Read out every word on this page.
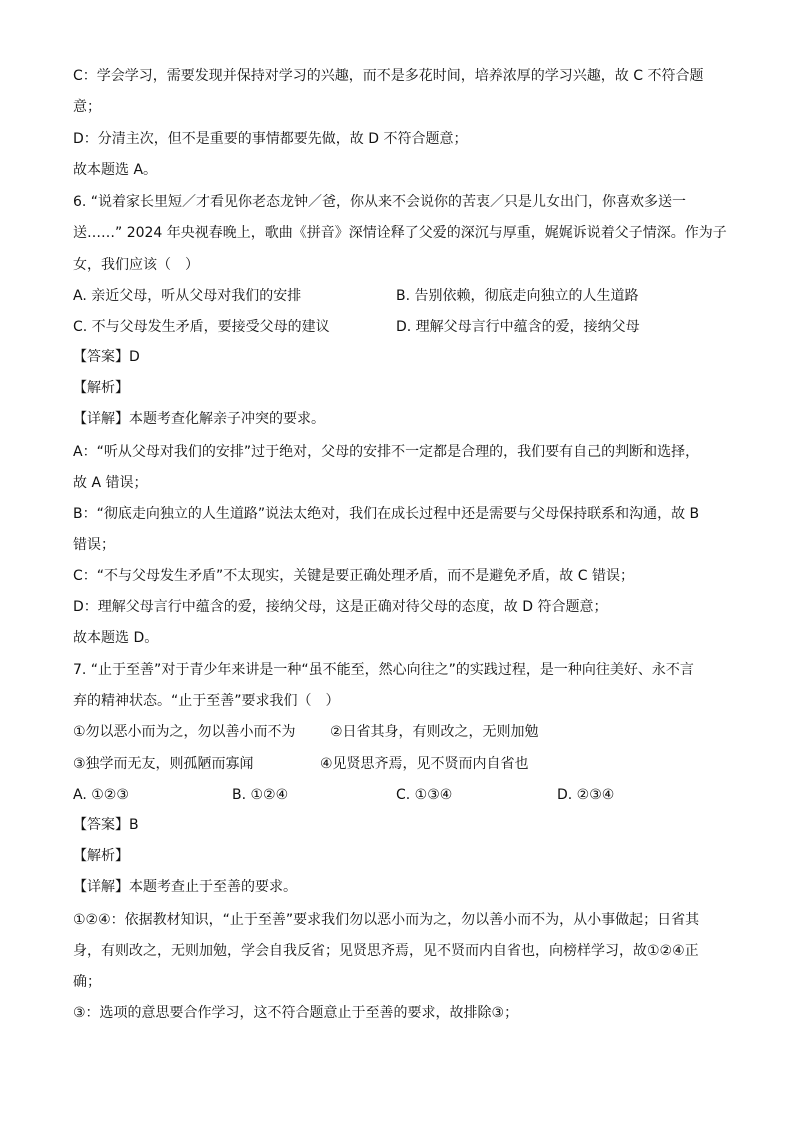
C：学会学习，需要发现并保持对学习的兴趣，而不是多花时间，培养浓厚的学习兴趣，故 C 不符合题
意；
D：分清主次，但不是重要的事情都要先做，故 D 不符合题意；
故本题选 A。
6. “说着家长里短／才看见你老态龙钟／爸，你从来不会说你的苦衷／只是儿女出门，你喜欢多送一
送……” 2024 年央视春晚上，歌曲《拼音》深情诠释了父爱的深沉与厚重，娓娓诉说着父子情深。作为子
女，我们应该（　）
A. 亲近父母，听从父母对我们的安排	B. 告别依赖，彻底走向独立的人生道路
C. 不与父母发生矛盾，要接受父母的建议	D. 理解父母言行中蕴含的爱，接纳父母
【答案】D
【解析】
【详解】本题考查化解亲子冲突的要求。
A：“听从父母对我们的安排”过于绝对，父母的安排不一定都是合理的，我们要有自己的判断和选择，
故 A 错误；
B：“彻底走向独立的人生道路”说法太绝对，我们在成长过程中还是需要与父母保持联系和沟通，故 B
错误；
C：“不与父母发生矛盾”不太现实，关键是要正确处理矛盾，而不是避免矛盾，故 C 错误；
D：理解父母言行中蕴含的爱，接纳父母，这是正确对待父母的态度，故 D 符合题意；
故本题选 D。
7. “止于至善”对于青少年来讲是一种“虽不能至，然心向往之”的实践过程，是一种向往美好、永不言
弃的精神状态。“止于至善”要求我们（　）
①勿以恶小而为之，勿以善小而不为 ②日省其身，有则改之，无则加勉
③独学而无友，则孤陋而寡闻	④见贤思齐焉，见不贤而内自省也
A. ①②③	B. ①②④	C. ①③④	D. ②③④
【答案】B
【解析】
【详解】本题考查止于至善的要求。
①②④：依据教材知识，“止于至善”要求我们勿以恶小而为之，勿以善小而不为，从小事做起；日省其
身，有则改之，无则加勉，学会自我反省；见贤思齐焉，见不贤而内自省也，向榜样学习，故①②④正
确；
③：选项的意思要合作学习，这不符合题意止于至善的要求，故排除③；
